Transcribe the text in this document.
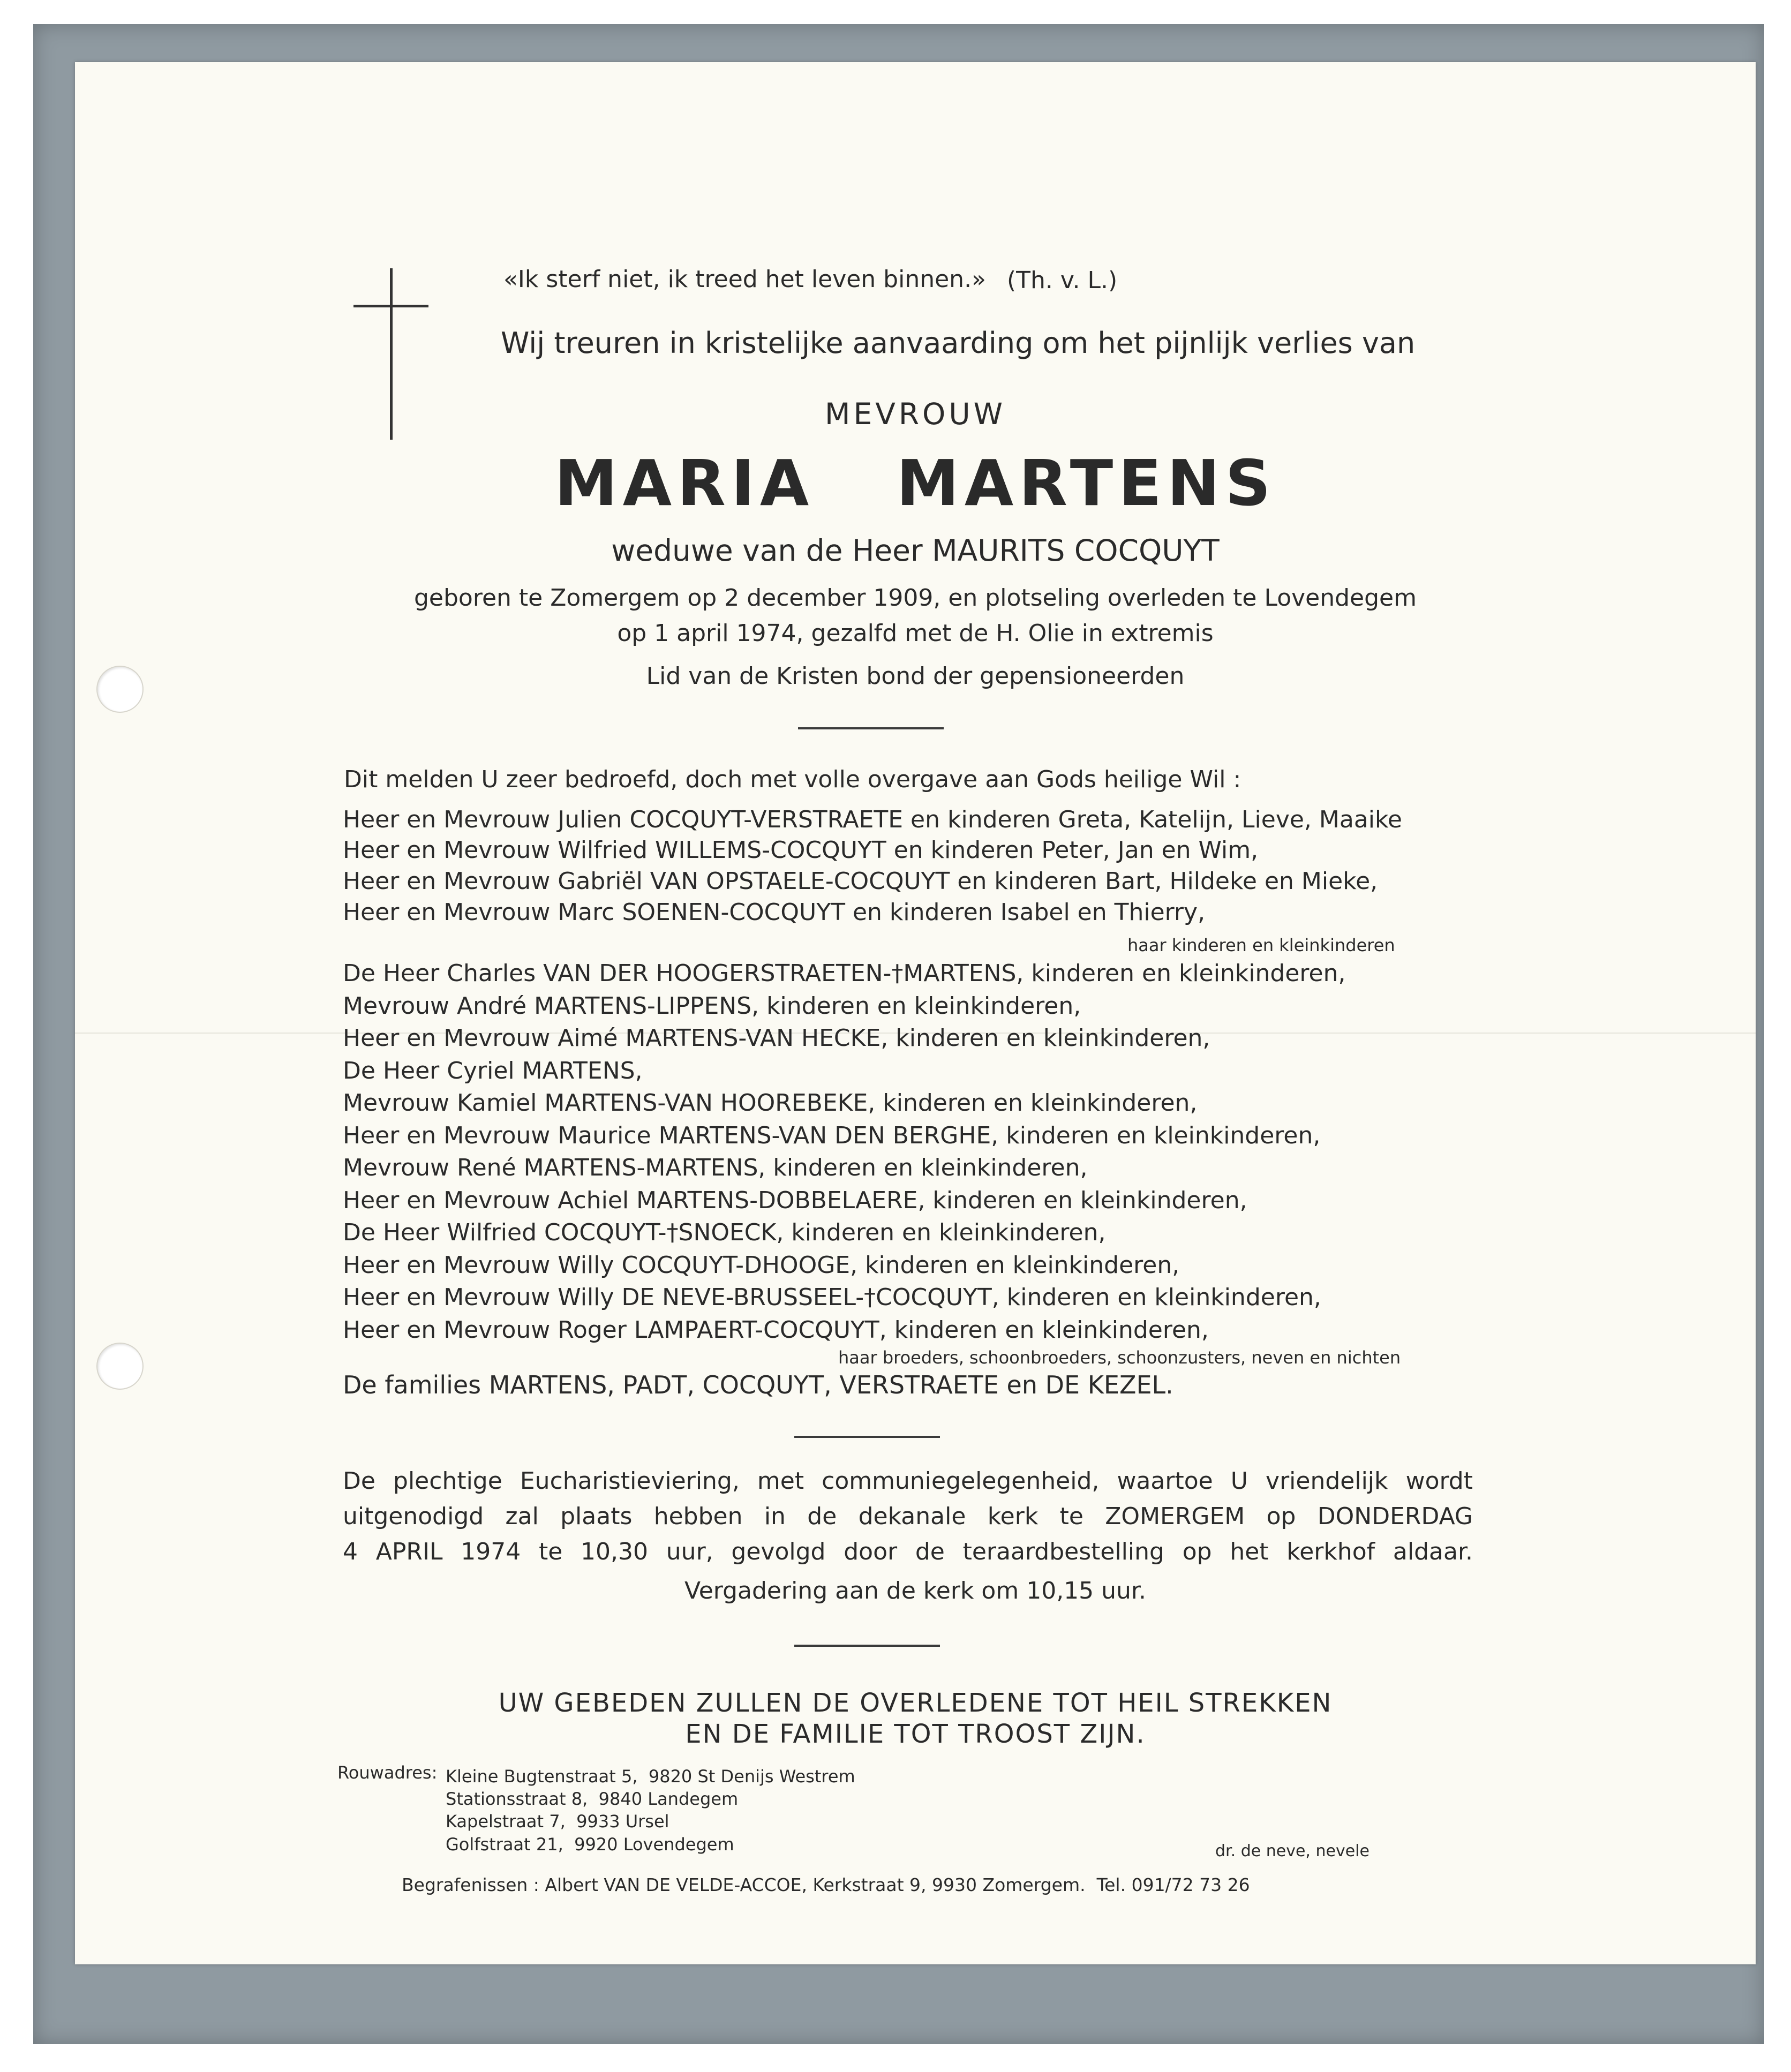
«Ik sterf niet, ik treed het leven binnen.» (Th. v. L.)
Wij treuren in kristelijke aanvaarding om het pijnlijk verlies van
MEVROUW
MARIA   MARTENS
weduwe van de Heer MAURITS COCQUYT
geboren te Zomergem op 2 december 1909, en plotseling overleden te Lovendegem
op 1 april 1974, gezalfd met de H. Olie in extremis
Lid van de Kristen bond der gepensioneerden
Dit melden U zeer bedroefd, doch met volle overgave aan Gods heilige Wil :
Heer en Mevrouw Julien COCQUYT-VERSTRAETE en kinderen Greta, Katelijn, Lieve, Maaike
Heer en Mevrouw Wilfried WILLEMS-COCQUYT en kinderen Peter, Jan en Wim,
Heer en Mevrouw Gabriël VAN OPSTAELE-COCQUYT en kinderen Bart, Hildeke en Mieke,
Heer en Mevrouw Marc SOENEN-COCQUYT en kinderen Isabel en Thierry,
haar kinderen en kleinkinderen
De Heer Charles VAN DER HOOGERSTRAETEN-†MARTENS, kinderen en kleinkinderen,
Mevrouw André MARTENS-LIPPENS, kinderen en kleinkinderen,
Heer en Mevrouw Aimé MARTENS-VAN HECKE, kinderen en kleinkinderen,
De Heer Cyriel MARTENS,
Mevrouw Kamiel MARTENS-VAN HOOREBEKE, kinderen en kleinkinderen,
Heer en Mevrouw Maurice MARTENS-VAN DEN BERGHE, kinderen en kleinkinderen,
Mevrouw René MARTENS-MARTENS, kinderen en kleinkinderen,
Heer en Mevrouw Achiel MARTENS-DOBBELAERE, kinderen en kleinkinderen,
De Heer Wilfried COCQUYT-†SNOECK, kinderen en kleinkinderen,
Heer en Mevrouw Willy COCQUYT-DHOOGE, kinderen en kleinkinderen,
Heer en Mevrouw Willy DE NEVE-BRUSSEEL-†COCQUYT, kinderen en kleinkinderen,
Heer en Mevrouw Roger LAMPAERT-COCQUYT, kinderen en kleinkinderen,
haar broeders, schoonbroeders, schoonzusters, neven en nichten
De families MARTENS, PADT, COCQUYT, VERSTRAETE en DE KEZEL.
De plechtige Eucharistieviering, met communiegelegenheid, waartoe U vriendelijk wordt
uitgenodigd zal plaats hebben in de dekanale kerk te ZOMERGEM op DONDERDAG
4 APRIL 1974 te 10,30 uur, gevolgd door de teraardbestelling op het kerkhof aldaar.
Vergadering aan de kerk om 10,15 uur.
UW GEBEDEN ZULLEN DE OVERLEDENE TOT HEIL STREKKEN
EN DE FAMILIE TOT TROOST ZIJN.
Rouwadres: Kleine Bugtenstraat 5,  9820 St Denijs Westrem
Stationsstraat 8,  9840 Landegem
Kapelstraat 7,  9933 Ursel
Golfstraat 21,  9920 Lovendegem	dr. de neve, nevele
Begrafenissen : Albert VAN DE VELDE-ACCOE, Kerkstraat 9, 9930 Zomergem.  Tel. 091/72 73 26
